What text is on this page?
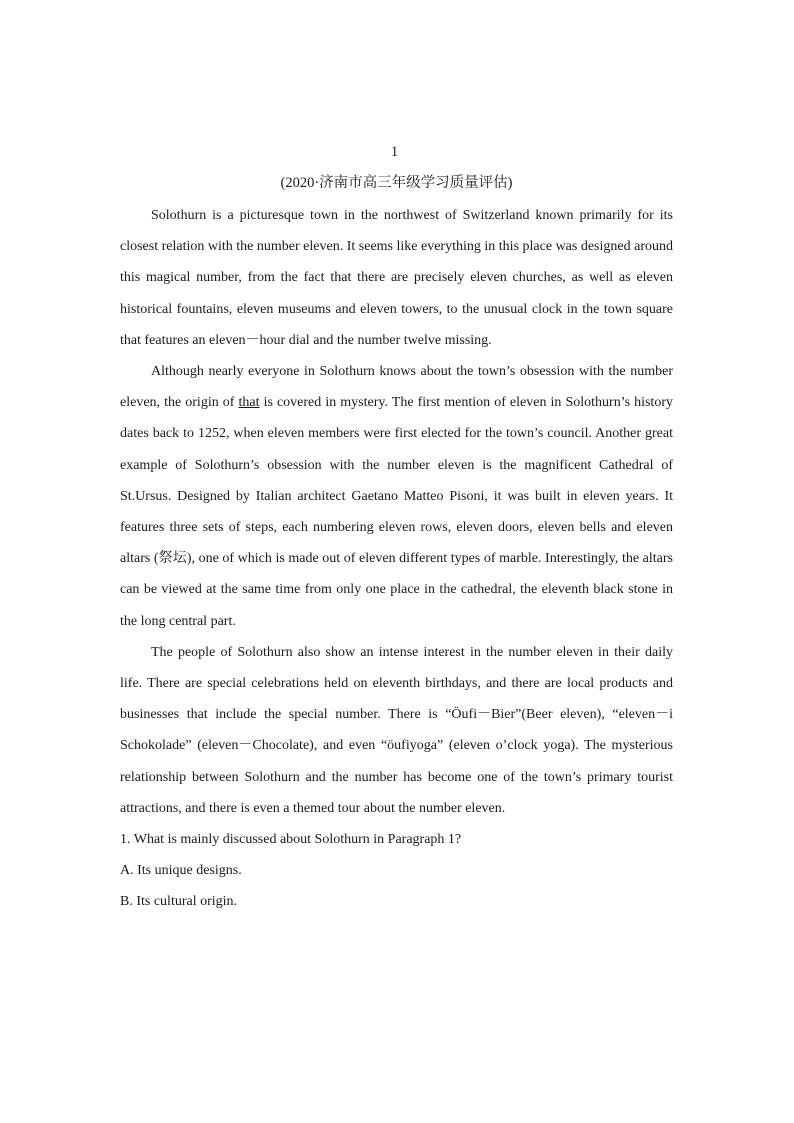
1
(2020·济南市高三年级学习质量评估)

Solothurn is a picturesque town in the northwest of Switzerland known primarily for its closest relation with the number eleven. It seems like everything in this place was designed around this magical number, from the fact that there are precisely eleven churches, as well as eleven historical fountains, eleven museums and eleven towers, to the unusual clock in the town square that features an eleven－hour dial and the number twelve missing.

Although nearly everyone in Solothurn knows about the town’s obsession with the number eleven, the origin of that is covered in mystery. The first mention of eleven in Solothurn’s history dates back to 1252, when eleven members were first elected for the town’s council. Another great example of Solothurn’s obsession with the number eleven is the magnificent Cathedral of St.Ursus. Designed by Italian architect Gaetano Matteo Pisoni, it was built in eleven years. It features three sets of steps, each numbering eleven rows, eleven doors, eleven bells and eleven altars (祭坛), one of which is made out of eleven different types of marble. Interestingly, the altars can be viewed at the same time from only one place in the cathedral, the eleventh black stone in the long central part.

The people of Solothurn also show an intense interest in the number eleven in their daily life. There are special celebrations held on eleventh birthdays, and there are local products and businesses that include the special number. There is “Öufi－Bier”(Beer eleven), “eleven－i Schokolade” (eleven－Chocolate), and even “öufiyoga” (eleven o’clock yoga). The mysterious relationship between Solothurn and the number has become one of the town’s primary tourist attractions, and there is even a themed tour about the number eleven.

1. What is mainly discussed about Solothurn in Paragraph 1?

A. Its unique designs.

B. Its cultural origin.
